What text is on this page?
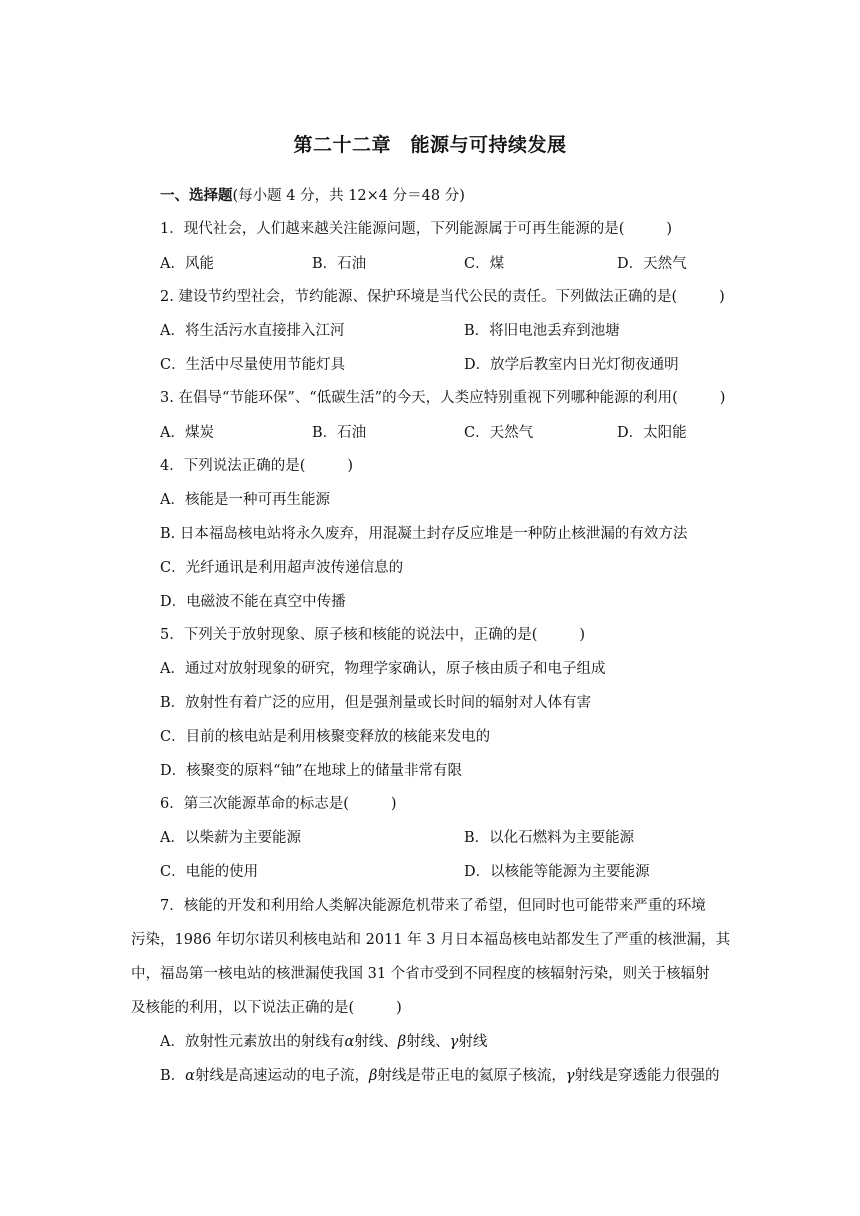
第二十二章　能源与可持续发展
一、选择题(每小题 4 分，共 12×4 分＝48 分)
1．现代社会，人们越来越关注能源问题，下列能源属于可再生能源的是(	)
A．风能	B．石油	C．煤	D．天然气
2. 建设节约型社会，节约能源、保护环境是当代公民的责任。下列做法正确的是(	)
A．将生活污水直接排入江河	B．将旧电池丢弃到池塘
C．生活中尽量使用节能灯具	D．放学后教室内日光灯彻夜通明
3. 在倡导“节能环保”、“低碳生活”的今天，人类应特别重视下列哪种能源的利用(	)
A．煤炭	B．石油	C．天然气	D．太阳能
4．下列说法正确的是(	)
A．核能是一种可再生能源
B. 日本福岛核电站将永久废弃，用混凝土封存反应堆是一种防止核泄漏的有效方法
C．光纤通讯是利用超声波传递信息的
D．电磁波不能在真空中传播
5．下列关于放射现象、原子核和核能的说法中，正确的是(	)
A．通过对放射现象的研究，物理学家确认，原子核由质子和电子组成
B．放射性有着广泛的应用，但是强剂量或长时间的辐射对人体有害
C．目前的核电站是利用核聚变释放的核能来发电的
D．核聚变的原料“铀”在地球上的储量非常有限
6．第三次能源革命的标志是(	)
A．以柴薪为主要能源	B．以化石燃料为主要能源
C．电能的使用	D．以核能等能源为主要能源
7．核能的开发和利用给人类解决能源危机带来了希望，但同时也可能带来严重的环境
污染，1986 年切尔诺贝利核电站和 2011 年 3 月日本福岛核电站都发生了严重的核泄漏，其
中，福岛第一核电站的核泄漏使我国 31 个省市受到不同程度的核辐射污染，则关于核辐射
及核能的利用，以下说法正确的是(	)
A．放射性元素放出的射线有α射线、β射线、γ射线
B．α射线是高速运动的电子流，β射线是带正电的氦原子核流，γ射线是穿透能力很强的
